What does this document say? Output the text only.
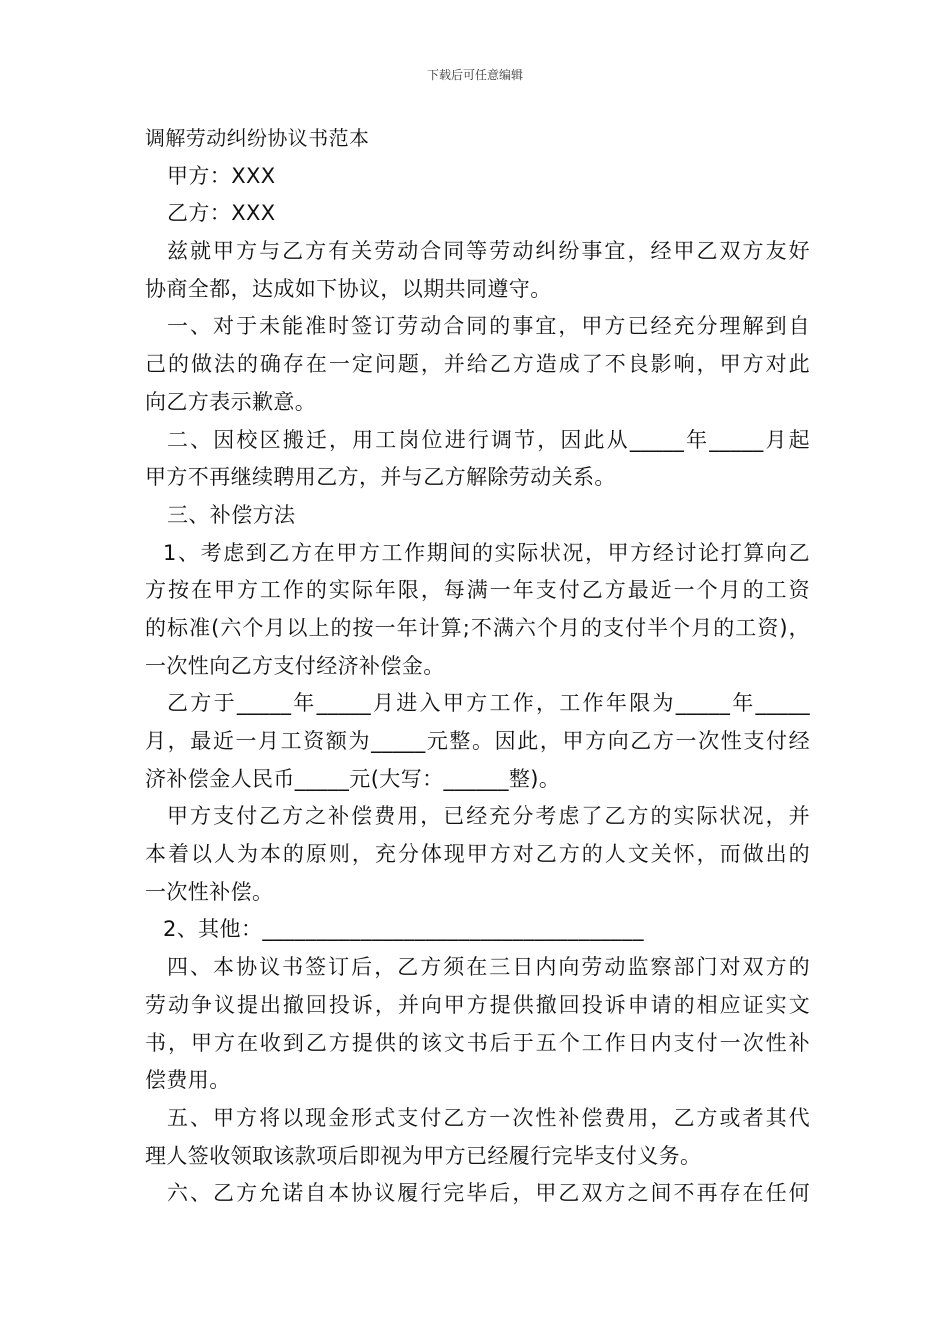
下载后可任意编辑
调解劳动纠纷协议书范本
甲方：XXX
乙方：XXX
兹就甲方与乙方有关劳动合同等劳动纠纷事宜，经甲乙双方友好
协商全都，达成如下协议，以期共同遵守。
一、对于未能准时签订劳动合同的事宜，甲方已经充分理解到自
己的做法的确存在一定问题，并给乙方造成了不良影响，甲方对此
向乙方表示歉意。
二、因校区搬迁，用工岗位进行调节，因此从_____年_____月起
甲方不再继续聘用乙方，并与乙方解除劳动关系。
三、补偿方法
1、考虑到乙方在甲方工作期间的实际状况，甲方经讨论打算向乙
方按在甲方工作的实际年限，每满一年支付乙方最近一个月的工资
的标准(六个月以上的按一年计算;不满六个月的支付半个月的工资)，
一次性向乙方支付经济补偿金。
乙方于_____年_____月进入甲方工作，工作年限为_____年_____
月，最近一月工资额为_____元整。因此，甲方向乙方一次性支付经
济补偿金人民币_____元(大写：______整)。
甲方支付乙方之补偿费用，已经充分考虑了乙方的实际状况，并
本着以人为本的原则，充分体现甲方对乙方的人文关怀，而做出的
一次性补偿。
2、其他：___________________________________
四、本协议书签订后，乙方须在三日内向劳动监察部门对双方的
劳动争议提出撤回投诉，并向甲方提供撤回投诉申请的相应证实文
书，甲方在收到乙方提供的该文书后于五个工作日内支付一次性补
偿费用。
五、甲方将以现金形式支付乙方一次性补偿费用，乙方或者其代
理人签收领取该款项后即视为甲方已经履行完毕支付义务。
六、乙方允诺自本协议履行完毕后，甲乙双方之间不再存在任何
